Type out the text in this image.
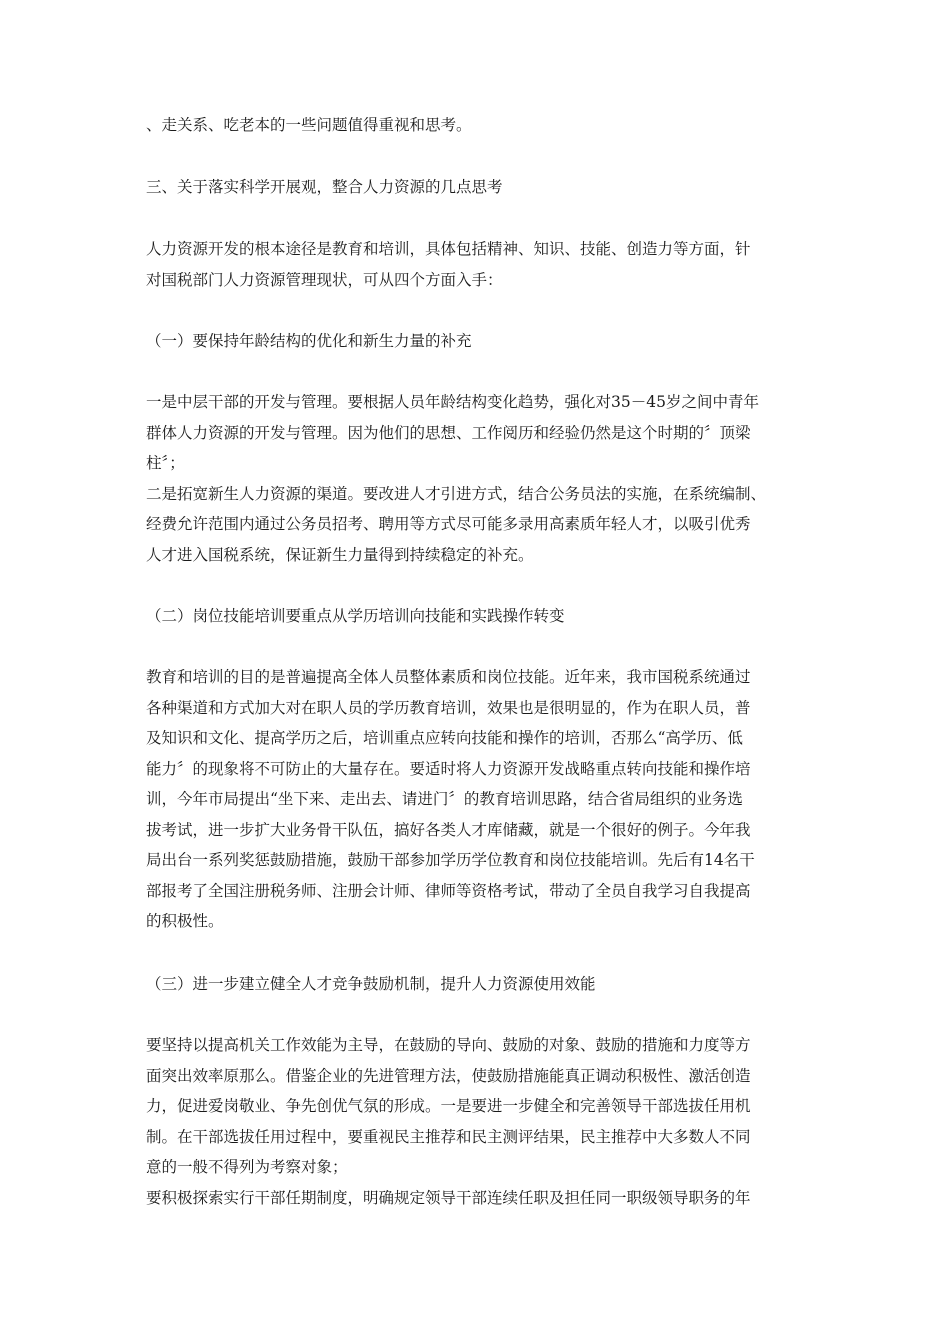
、走关系、吃老本的一些问题值得重视和思考。
三、关于落实科学开展观，整合人力资源的几点思考
人力资源开发的根本途径是教育和培训，具体包括精神、知识、技能、创造力等方面，针
对国税部门人力资源管理现状，可从四个方面入手：
（一）要保持年龄结构的优化和新生力量的补充
一是中层干部的开发与管理。要根据人员年龄结构变化趋势，强化对35－45岁之间中青年
群体人力资源的开发与管理。因为他们的思想、工作阅历和经验仍然是这个时期的〞顶梁
柱〞；
二是拓宽新生人力资源的渠道。要改进人才引进方式，结合公务员法的实施，在系统编制、
经费允许范围内通过公务员招考、聘用等方式尽可能多录用高素质年轻人才，以吸引优秀
人才进入国税系统，保证新生力量得到持续稳定的补充。
（二）岗位技能培训要重点从学历培训向技能和实践操作转变
教育和培训的目的是普遍提高全体人员整体素质和岗位技能。近年来，我市国税系统通过
各种渠道和方式加大对在职人员的学历教育培训，效果也是很明显的，作为在职人员，普
及知识和文化、提高学历之后，培训重点应转向技能和操作的培训，否那么“高学历、低
能力〞的现象将不可防止的大量存在。要适时将人力资源开发战略重点转向技能和操作培
训，今年市局提出“坐下来、走出去、请进门〞的教育培训思路，结合省局组织的业务选
拔考试，进一步扩大业务骨干队伍，搞好各类人才库储藏，就是一个很好的例子。今年我
局出台一系列奖惩鼓励措施，鼓励干部参加学历学位教育和岗位技能培训。先后有14名干
部报考了全国注册税务师、注册会计师、律师等资格考试，带动了全员自我学习自我提高
的积极性。
（三）进一步建立健全人才竞争鼓励机制，提升人力资源使用效能
要坚持以提高机关工作效能为主导，在鼓励的导向、鼓励的对象、鼓励的措施和力度等方
面突出效率原那么。借鉴企业的先进管理方法，使鼓励措施能真正调动积极性、激活创造
力，促进爱岗敬业、争先创优气氛的形成。一是要进一步健全和完善领导干部选拔任用机
制。在干部选拔任用过程中，要重视民主推荐和民主测评结果，民主推荐中大多数人不同
意的一般不得列为考察对象；
要积极探索实行干部任期制度，明确规定领导干部连续任职及担任同一职级领导职务的年
